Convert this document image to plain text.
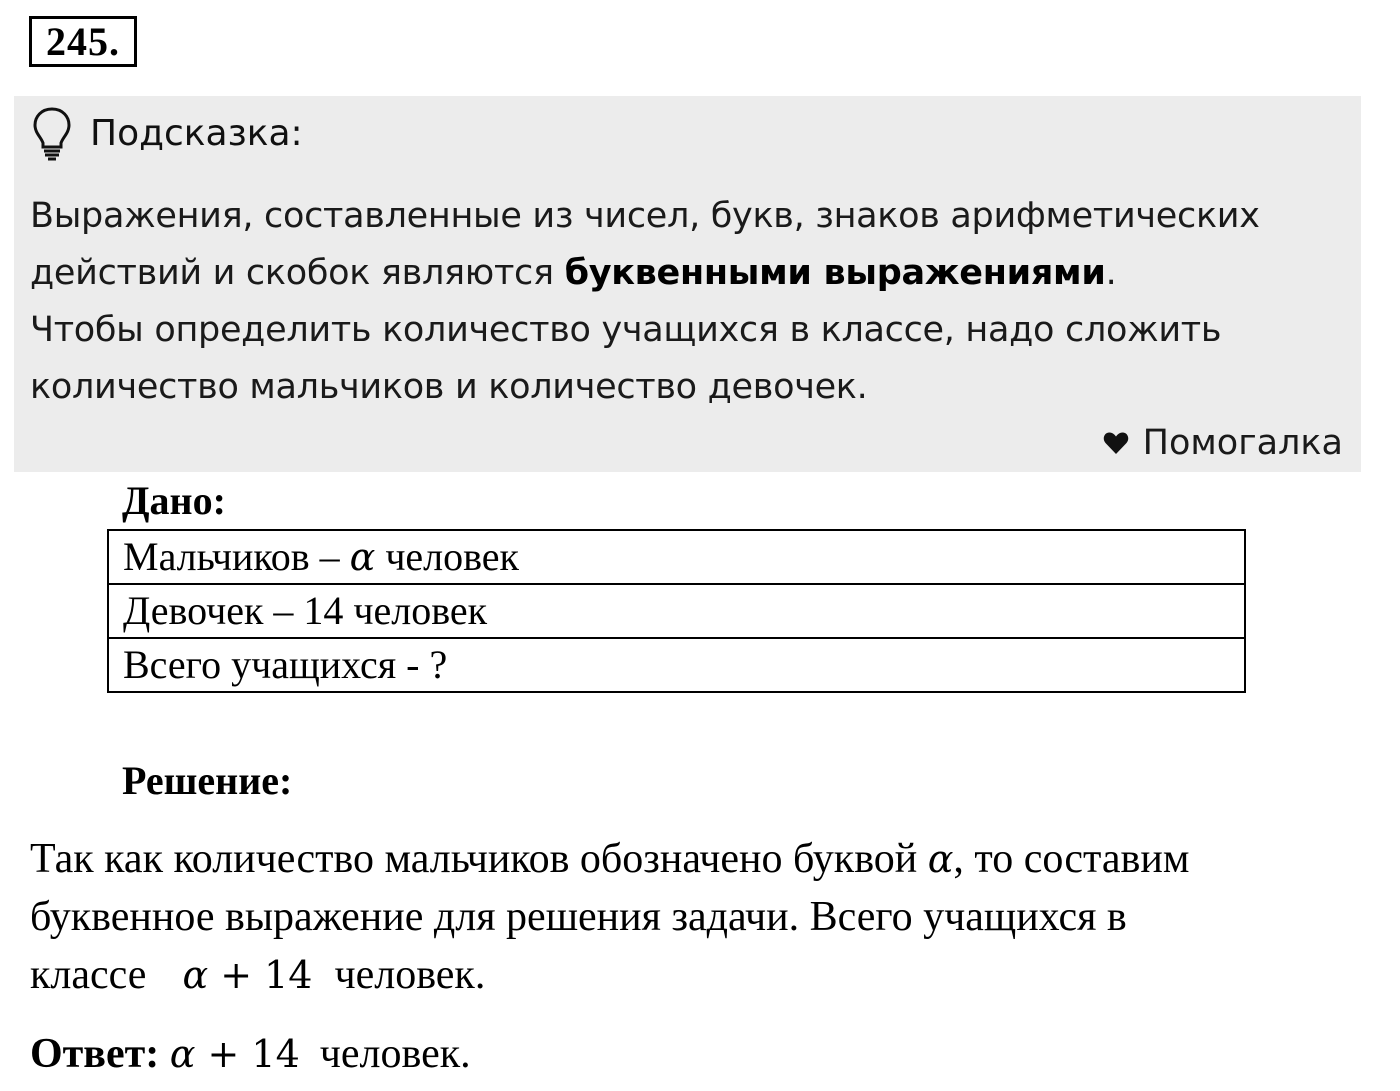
245.
Подсказка:

Выражения, составленные из чисел, букв, знаков арифметических действий и скобок являются буквенными выражениями.

Чтобы определить количество учащихся в классе, надо сложить количество мальчиков и количество девочек.

Помогалка
Дано:
Мальчиков – α человек
Девочек – 14 человек
Всего учащихся - ?
Решение:

Так как количество мальчиков обозначено буквой α, то составим

буквенное выражение для решения задачи. Всего учащихся в

классе α + 14 человек.

Ответ: α + 14 человек.
